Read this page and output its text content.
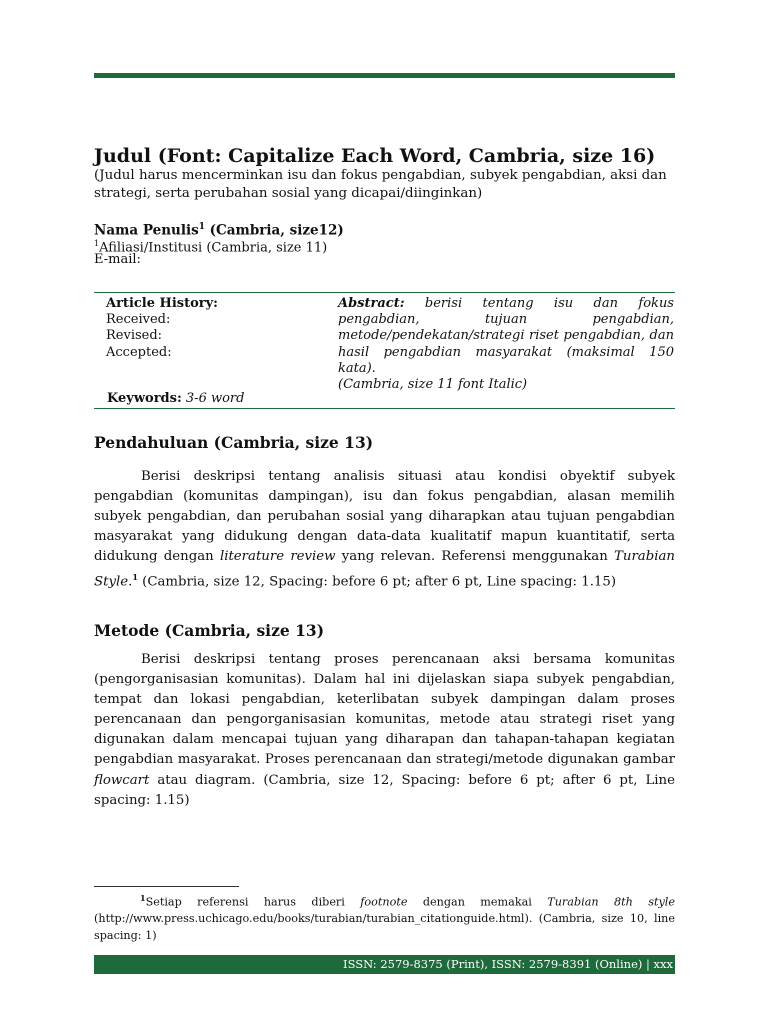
Judul (Font: Capitalize Each Word, Cambria, size 16)
(Judul harus mencerminkan isu dan fokus pengabdian, subyek pengabdian, aksi dan strategi, serta perubahan sosial yang dicapai/diinginkan)
Nama Penulis$^1$ (Cambria, size12)
$^1$Afiliasi/Institusi (Cambria, size 11)
E-mail:
Article History:
Received:
Revised:
Accepted:
Abstract: berisi tentang isu dan fokus pengabdian, tujuan pengabdian, metode/pendekatan/strategi riset pengabdian, dan hasil pengabdian masyarakat (maksimal 150 kata).
(Cambria, size 11 font Italic)
Keywords: 3-6 word
Pendahuluan (Cambria, size 13)
Berisi deskripsi tentang analisis situasi atau kondisi obyektif subyek pengabdian (komunitas dampingan), isu dan fokus pengabdian, alasan memilih subyek pengabdian, dan perubahan sosial yang diharapkan atau tujuan pengabdian masyarakat yang didukung dengan data-data kualitatif mapun kuantitatif, serta didukung dengan literature review yang relevan. Referensi menggunakan Turabian Style.$^1$ (Cambria, size 12, Spacing: before 6 pt; after 6 pt, Line spacing: 1.15)
Metode (Cambria, size 13)
Berisi deskripsi tentang proses perencanaan aksi bersama komunitas (pengorganisasian komunitas). Dalam hal ini dijelaskan siapa subyek pengabdian, tempat dan lokasi pengabdian, keterlibatan subyek dampingan dalam proses perencanaan dan pengorganisasian komunitas, metode atau strategi riset yang digunakan dalam mencapai tujuan yang diharapan dan tahapan-tahapan kegiatan pengabdian masyarakat. Proses perencanaan dan strategi/metode digunakan gambar flowcart atau diagram. (Cambria, size 12, Spacing: before 6 pt; after 6 pt, Line spacing: 1.15)
$^1$Setiap referensi harus diberi footnote dengan memakai Turabian 8th style (http://www.press.uchicago.edu/books/turabian/turabian_citationguide.html). (Cambria, size 10, line spacing: 1)
ISSN: 2579-8375 (Print), ISSN: 2579-8391 (Online) | xxx
